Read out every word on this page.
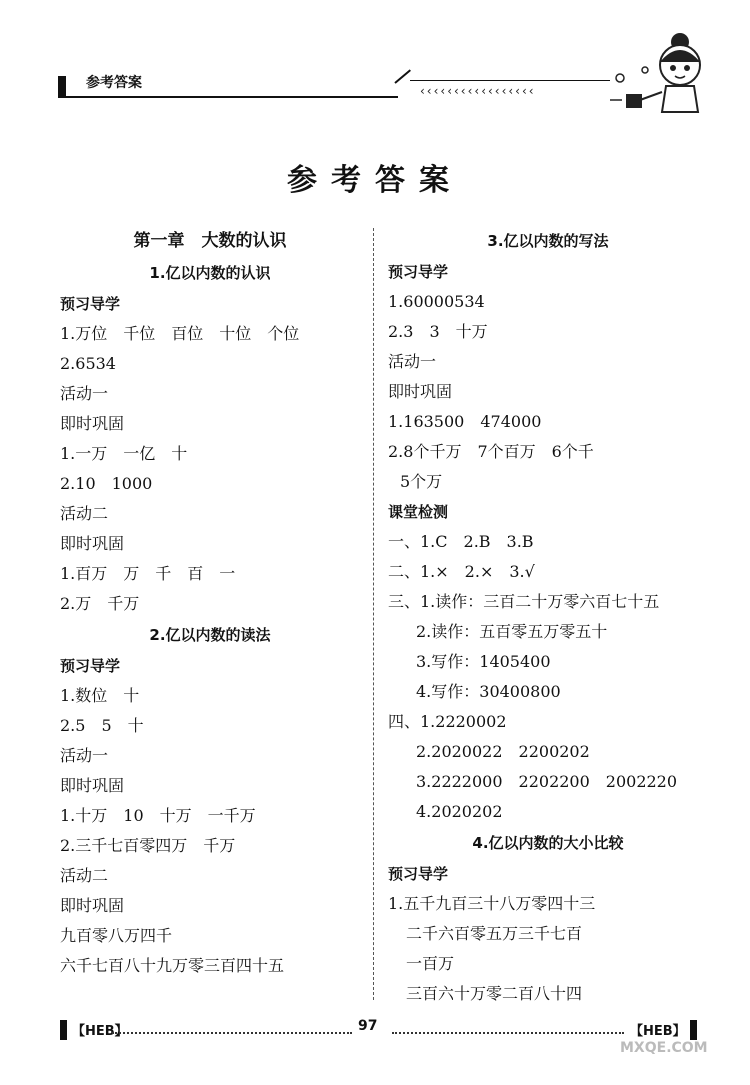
参考答案	‹‹‹‹‹‹‹‹‹‹‹‹‹‹‹‹‹
参考答案
第一章　大数的认识
1.亿以内数的认识
预习导学
1.万位　千位　百位　十位　个位
2.6534
活动一
即时巩固
1.一万　一亿　十
2.10　1000
活动二
即时巩固
1.百万　万　千　百　一
2.万　千万
2.亿以内数的读法
预习导学
1.数位　十
2.5　5　十
活动一
即时巩固
1.十万　10　十万　一千万
2.三千七百零四万　千万
活动二
即时巩固
九百零八万四千
六千七百八十九万零三百四十五
3.亿以内数的写法
预习导学
1.60000534
2.3　3　十万
活动一
即时巩固
1.163500　474000
2.8个千万　7个百万　6个千
5个万
课堂检测
一、1.C　2.B　3.B
二、1.×　2.×　3.√
三、1.读作：三百二十万零六百七十五
2.读作：五百零五万零五十
3.写作：1405400
4.写作：30400800
四、1.2220002
2.2020022　2200202
3.2222000　2202200　2002220
4.2020202
4.亿以内数的大小比较
预习导学
1.五千九百三十八万零四十三
二千六百零五万三千七百
一百万
三百六十万零二百八十四
【HEB】	97	【HEB】
MXQE.COM
